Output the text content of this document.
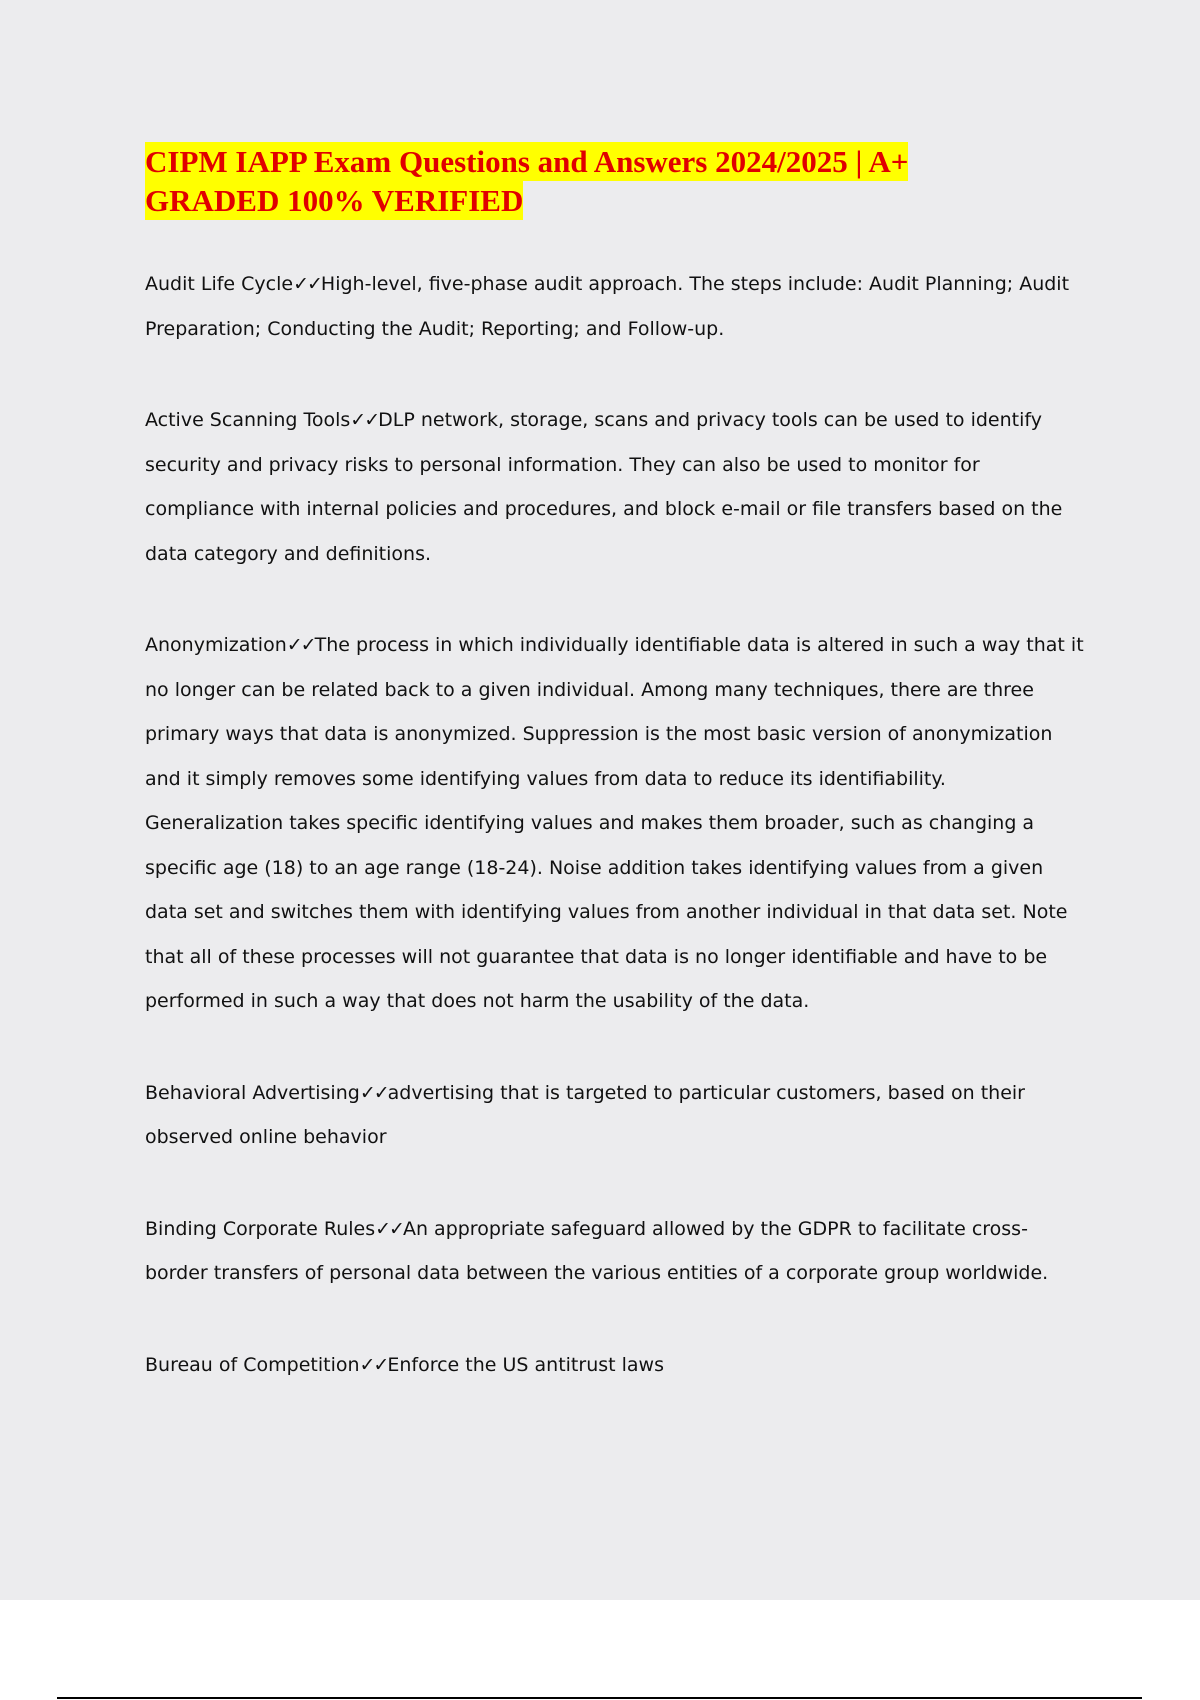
CIPM IAPP Exam Questions and Answers 2024/2025 | A+
GRADED 100% VERIFIED

Audit Life Cycle✓✓High-level, five-phase audit approach. The steps include: Audit Planning; Audit Preparation; Conducting the Audit; Reporting; and Follow-up.

Active Scanning Tools✓✓DLP network, storage, scans and privacy tools can be used to identify security and privacy risks to personal information. They can also be used to monitor for compliance with internal policies and procedures, and block e-mail or file transfers based on the data category and definitions.

Anonymization✓✓The process in which individually identifiable data is altered in such a way that it no longer can be related back to a given individual. Among many techniques, there are three primary ways that data is anonymized. Suppression is the most basic version of anonymization and it simply removes some identifying values from data to reduce its identifiability. Generalization takes specific identifying values and makes them broader, such as changing a specific age (18) to an age range (18-24). Noise addition takes identifying values from a given data set and switches them with identifying values from another individual in that data set. Note that all of these processes will not guarantee that data is no longer identifiable and have to be performed in such a way that does not harm the usability of the data.

Behavioral Advertising✓✓advertising that is targeted to particular customers, based on their observed online behavior

Binding Corporate Rules✓✓An appropriate safeguard allowed by the GDPR to facilitate cross-border transfers of personal data between the various entities of a corporate group worldwide.

Bureau of Competition✓✓Enforce the US antitrust laws
